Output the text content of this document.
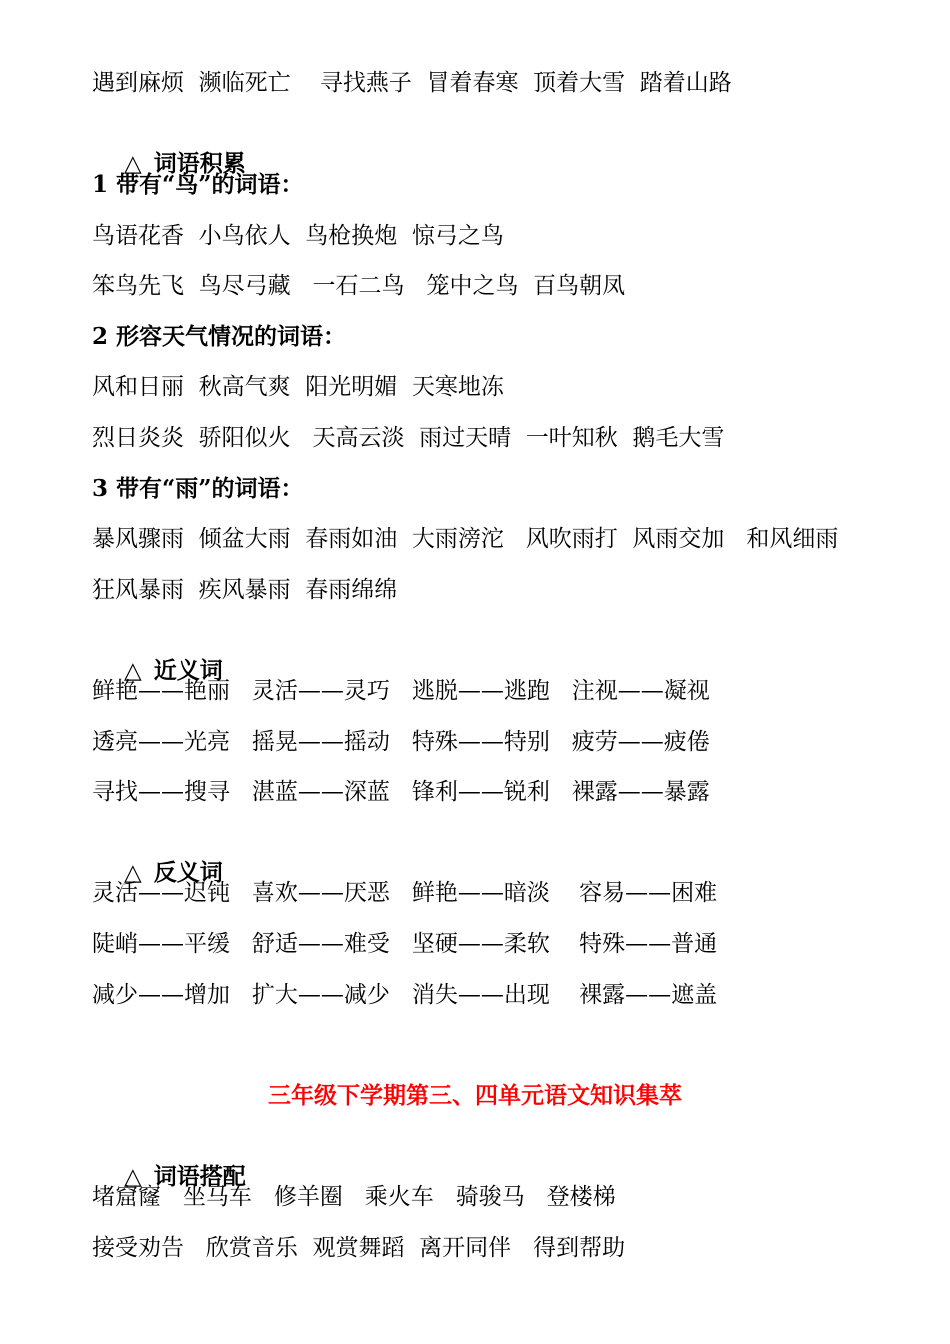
遇到麻烦  濒临死亡    寻找燕子  冒着春寒  顶着大雪  踏着山路

△ 词语积累

1 带有“鸟”的词语：
鸟语花香  小鸟依人  鸟枪换炮  惊弓之鸟
笨鸟先飞  鸟尽弓藏   一石二鸟   笼中之鸟  百鸟朝凤
2 形容天气情况的词语：
风和日丽  秋高气爽  阳光明媚  天寒地冻
烈日炎炎  骄阳似火   天高云淡  雨过天晴  一叶知秋  鹅毛大雪
3 带有“雨”的词语：
暴风骤雨  倾盆大雨  春雨如油  大雨滂沱   风吹雨打  风雨交加   和风细雨
狂风暴雨  疾风暴雨  春雨绵绵

△ 近义词

鲜艳——艳丽   灵活——灵巧   逃脱——逃跑   注视——凝视
透亮——光亮   摇晃——摇动   特殊——特别   疲劳——疲倦
寻找——搜寻   湛蓝——深蓝   锋利——锐利   裸露——暴露

△ 反义词

灵活——迟钝   喜欢——厌恶   鲜艳——暗淡    容易——困难
陡峭——平缓   舒适——难受   坚硬——柔软    特殊——普通
减少——增加   扩大——减少   消失——出现    裸露——遮盖
三年级下学期第三、四单元语文知识集萃

△ 词语搭配

堵窟窿   坐马车   修羊圈   乘火车   骑骏马   登楼梯
接受劝告   欣赏音乐  观赏舞蹈  离开同伴   得到帮助
